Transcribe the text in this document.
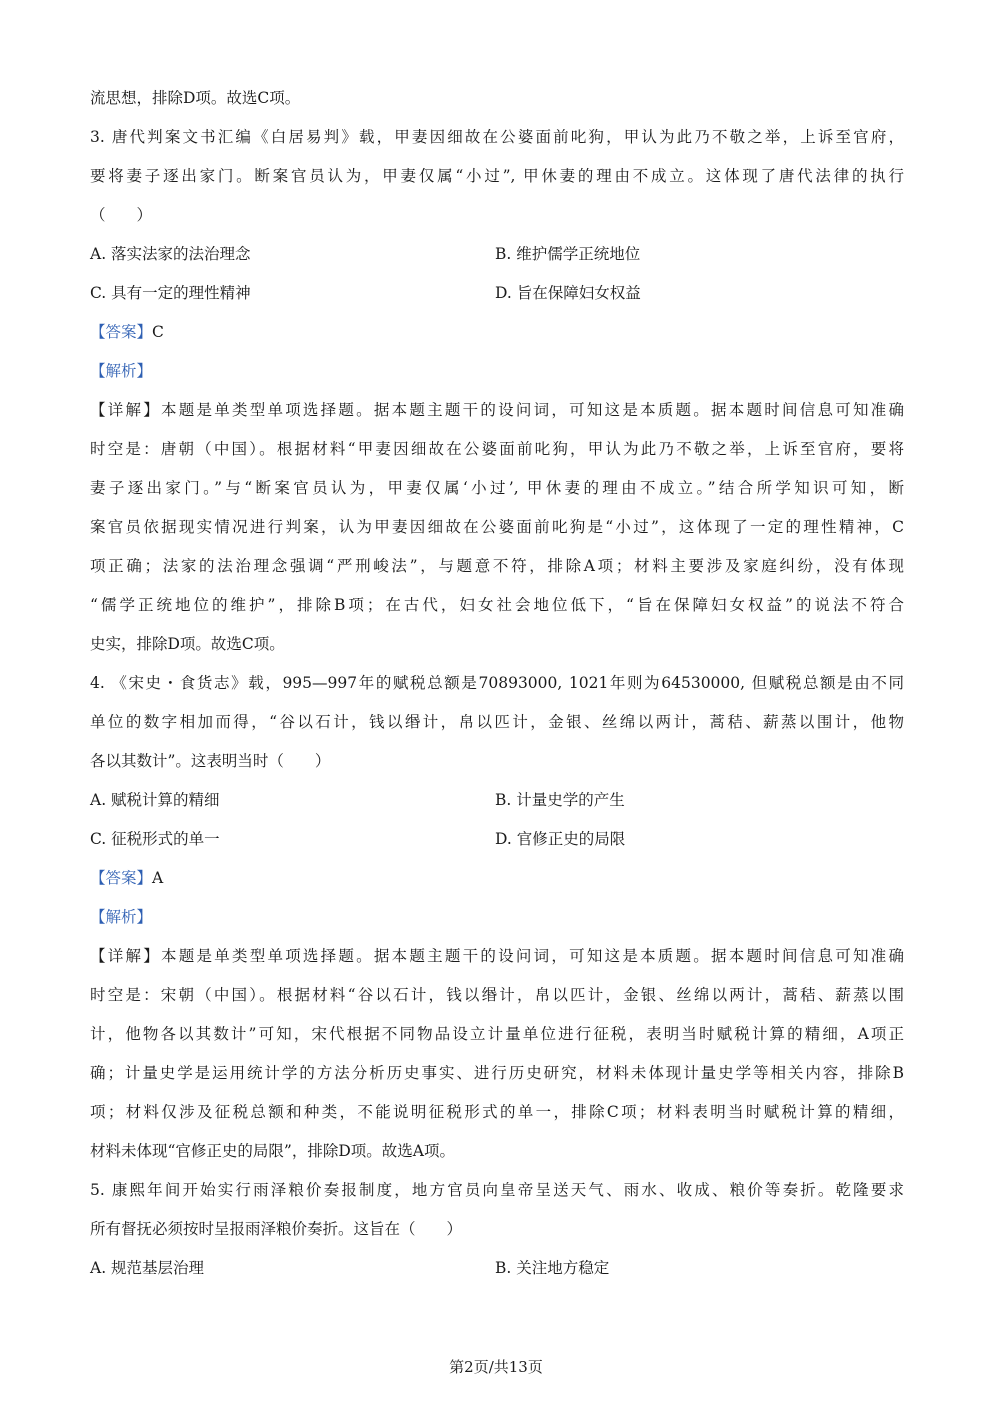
流思想，排除D项。故选C项。
3. 唐代判案文书汇编《白居易判》载，甲妻因细故在公婆面前叱狗，甲认为此乃不敬之举，上诉至官府，
要将妻子逐出家门。断案官员认为，甲妻仅属“小过”, 甲休妻的理由不成立。这体现了唐代法律的执行
（　　）
A. 落实法家的法治理念	B. 维护儒学正统地位
C. 具有一定的理性精神	D. 旨在保障妇女权益
【答案】C
【解析】
【详解】本题是单类型单项选择题。据本题主题干的设问词，可知这是本质题。据本题时间信息可知准确
时空是：唐朝（中国）。根据材料“甲妻因细故在公婆面前叱狗，甲认为此乃不敬之举，上诉至官府，要将
妻子逐出家门。”与“断案官员认为，甲妻仅属‘小过’, 甲休妻的理由不成立。”结合所学知识可知，断
案官员依据现实情况进行判案，认为甲妻因细故在公婆面前叱狗是“小过”，这体现了一定的理性精神，C
项正确；法家的法治理念强调“严刑峻法”，与题意不符，排除A项；材料主要涉及家庭纠纷，没有体现
“儒学正统地位的维护”，排除B项；在古代，妇女社会地位低下，“旨在保障妇女权益”的说法不符合
史实，排除D项。故选C项。
4. 《宋史・食货志》载，995—997年的赋税总额是70893000, 1021年则为64530000, 但赋税总额是由不同
单位的数字相加而得，“谷以石计，钱以缗计，帛以匹计，金银、丝绵以两计，蒿秸、薪蒸以围计，他物
各以其数计”。这表明当时（　　）
A. 赋税计算的精细	B. 计量史学的产生
C. 征税形式的单一	D. 官修正史的局限
【答案】A
【解析】
【详解】本题是单类型单项选择题。据本题主题干的设问词，可知这是本质题。据本题时间信息可知准确
时空是：宋朝（中国）。根据材料“谷以石计，钱以缗计，帛以匹计，金银、丝绵以两计，蒿秸、薪蒸以围
计，他物各以其数计”可知，宋代根据不同物品设立计量单位进行征税，表明当时赋税计算的精细，A项正
确；计量史学是运用统计学的方法分析历史事实、进行历史研究，材料未体现计量史学等相关内容，排除B
项；材料仅涉及征税总额和种类，不能说明征税形式的单一，排除C项；材料表明当时赋税计算的精细，
材料未体现“官修正史的局限”，排除D项。故选A项。
5. 康熙年间开始实行雨泽粮价奏报制度，地方官员向皇帝呈送天气、雨水、收成、粮价等奏折。乾隆要求
所有督抚必须按时呈报雨泽粮价奏折。这旨在（　　）
A. 规范基层治理	B. 关注地方稳定
第2页/共13页
